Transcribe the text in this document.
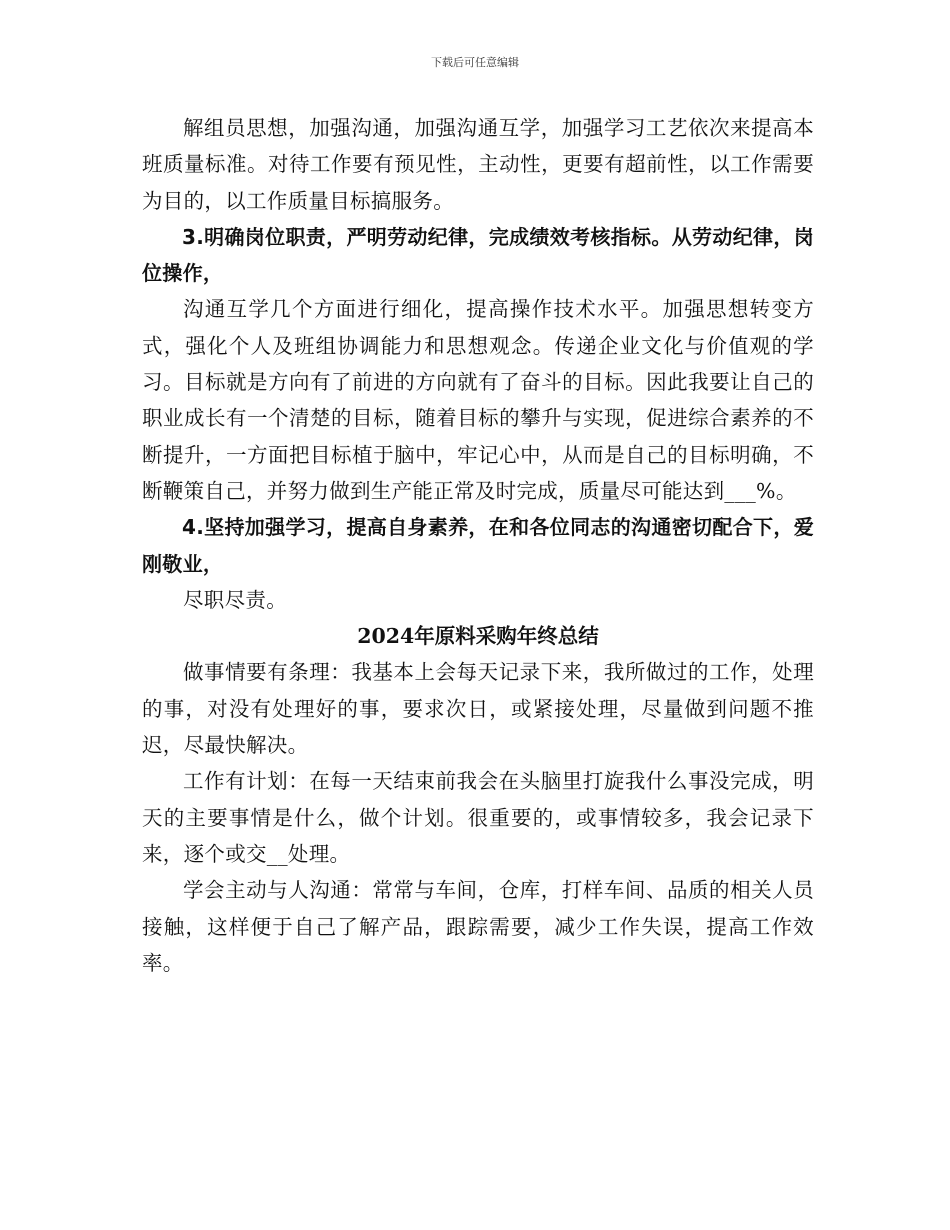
下载后可任意编辑

解组员思想，加强沟通，加强沟通互学，加强学习工艺依次来提高本班质量标准。对待工作要有预见性，主动性，更要有超前性，以工作需要为目的，以工作质量目标搞服务。

3.明确岗位职责，严明劳动纪律，完成绩效考核指标。从劳动纪律，岗位操作，

沟通互学几个方面进行细化，提高操作技术水平。加强思想转变方式，强化个人及班组协调能力和思想观念。传递企业文化与价值观的学习。目标就是方向有了前进的方向就有了奋斗的目标。因此我要让自己的职业成长有一个清楚的目标，随着目标的攀升与实现，促进综合素养的不断提升，一方面把目标植于脑中，牢记心中，从而是自己的目标明确，不断鞭策自己，并努力做到生产能正常及时完成，质量尽可能达到___%。

4.坚持加强学习，提高自身素养，在和各位同志的沟通密切配合下，爱刚敬业，

尽职尽责。

2024年原料采购年终总结

做事情要有条理：我基本上会每天记录下来，我所做过的工作，处理的事，对没有处理好的事，要求次日，或紧接处理，尽量做到问题不推迟，尽最快解决。

工作有计划：在每一天结束前我会在头脑里打旋我什么事没完成，明天的主要事情是什么，做个计划。很重要的，或事情较多，我会记录下来，逐个或交__处理。

学会主动与人沟通：常常与车间，仓库，打样车间、品质的相关人员接触，这样便于自己了解产品，跟踪需要，减少工作失误，提高工作效率。
